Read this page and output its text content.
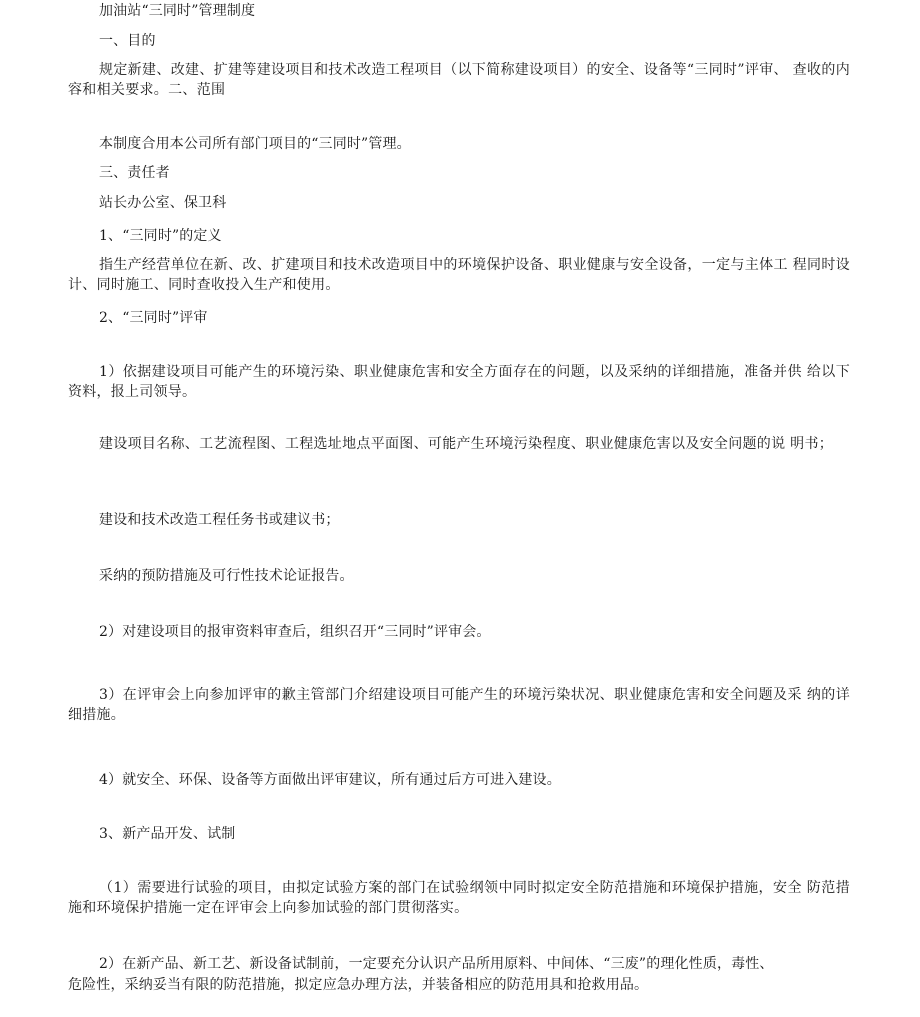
加油站“三同时”管理制度
一、目的
规定新建、改建、扩建等建设项目和技术改造工程项目（以下简称建设项目）的安全、设备等“三同时”评审、 查收的内容和相关要求。二、范围
本制度合用本公司所有部门项目的“三同时”管理。
三、责任者
站长办公室、保卫科
1、“三同时”的定义
指生产经营单位在新、改、扩建项目和技术改造项目中的环境保护设备、职业健康与安全设备，一定与主体工 程同时设计、同时施工、同时查收投入生产和使用。
2、“三同时”评审
1）依据建设项目可能产生的环境污染、职业健康危害和安全方面存在的问题，以及采纳的详细措施，准备并供 给以下资料，报上司领导。
建设项目名称、工艺流程图、工程选址地点平面图、可能产生环境污染程度、职业健康危害以及安全问题的说 明书；
建设和技术改造工程任务书或建议书；
采纳的预防措施及可行性技术论证报告。
2）对建设项目的报审资料审查后，组织召开“三同时”评审会。
3）在评审会上向参加评审的歉主管部门介绍建设项目可能产生的环境污染状况、职业健康危害和安全问题及采 纳的详细措施。
4）就安全、环保、设备等方面做出评审建议，所有通过后方可进入建设。
3、新产品开发、试制
（1）需要进行试验的项目，由拟定试验方案的部门在试验纲领中同时拟定安全防范措施和环境保护措施，安全 防范措施和环境保护措施一定在评审会上向参加试验的部门贯彻落实。
2）在新产品、新工艺、新设备试制前，一定要充分认识产品所用原料、中间体、“三废”的理化性质，毒性、
危险性，采纳妥当有限的防范措施，拟定应急办理方法，并装备相应的防范用具和抢救用品。
